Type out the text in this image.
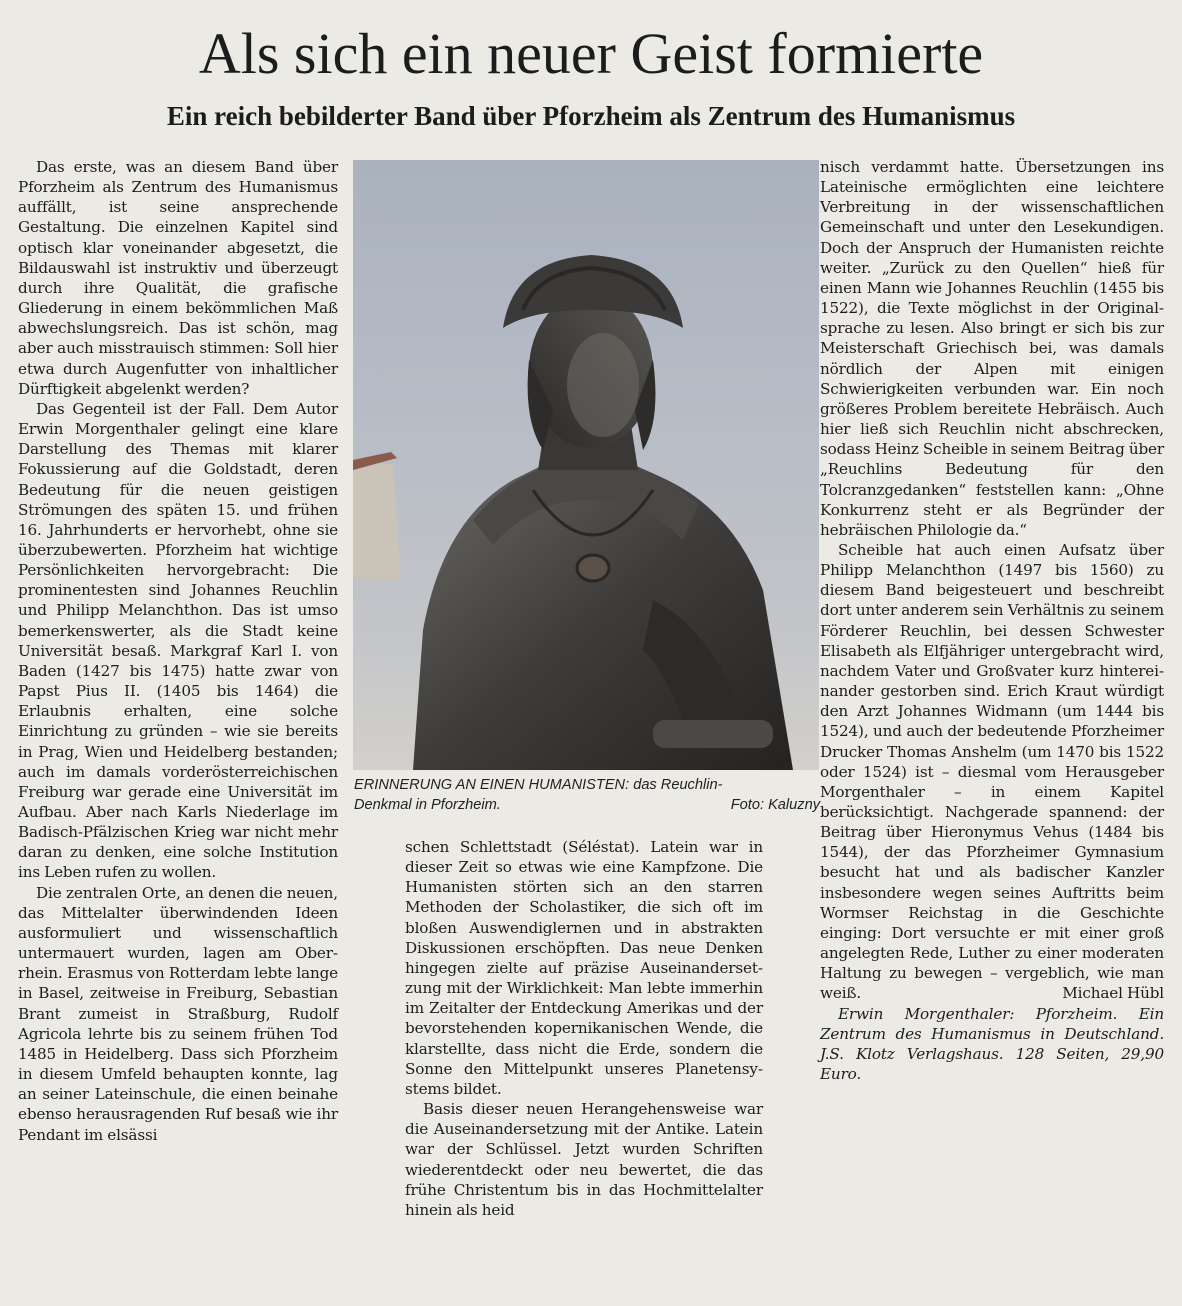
Als sich ein neuer Geist formierte
Ein reich bebilderter Band über Pforzheim als Zentrum des Humanismus

Das erste, was an diesem Band über Pforzheim als Zentrum des Humanismus auffällt, ist seine ansprechende Gestaltung. Die einzelnen Kapitel sind optisch klar voneinander abgesetzt, die Bildauswahl ist instruktiv und überzeugt durch ihre Qualität, die grafische Gliederung in einem bekömmlichen Maß abwechslungsreich. Das ist schön, mag aber auch misstrauisch stimmen: Soll hier etwa durch Augenfutter von inhaltlicher Dürftigkeit abgelenkt werden?

Das Gegenteil ist der Fall. Dem Autor Erwin Morgenthaler gelingt eine klare Darstellung des Themas mit klarer Fokussierung auf die Goldstadt, deren Bedeutung für die neuen geistigen Strömungen des späten 15. und frühen 16. Jahrhunderts er hervorhebt, ohne sie überzubewerten. Pforzheim hat wichtige Persönlichkeiten hervorgebracht: Die prominentesten sind Johannes Reuchlin und Philipp Melanchthon. Das ist umso bemerkenswerter, als die Stadt keine Universität besaß. Markgraf Karl I. von Baden (1427 bis 1475) hatte zwar von Papst Pius II. (1405 bis 1464) die Erlaubnis erhalten, eine solche Einrichtung zu gründen – wie sie bereits in Prag, Wien und Heidelberg bestanden; auch im damals vorderösterreichischen Freiburg war gerade eine Universität im Aufbau. Aber nach Karls Niederlage im Badisch-Pfälzischen Krieg war nicht mehr daran zu denken, eine solche Institution ins Leben rufen zu wollen.

Die zentralen Orte, an denen die neuen, das Mittelalter überwindenden Ideen ausformuliert und wissenschaftlich untermauert wurden, lagen am Oberrhein. Erasmus von Rotterdam lebte lange in Basel, zeitweise in Freiburg, Sebastian Brant zumeist in Straßburg, Rudolf Agricola lehrte bis zu seinem frühen Tod 1485 in Heidelberg. Dass sich Pforzheim in diesem Umfeld behaupten konnte, lag an seiner Lateinschule, die einen beinahe ebenso herausragenden Ruf besaß wie ihr Pendant im elsässi

ERINNERUNG AN EINEN HUMANISTEN: das Reuchlin-
Denkmal in Pforzheim.	Foto: Kaluzny

schen Schlettstadt (Séléstat). Latein war in dieser Zeit so etwas wie eine Kampfzone. Die Humanisten störten sich an den starren Methoden der Scholastiker, die sich oft im bloßen Auswendiglernen und in abstrakten Diskussionen erschöpften. Das neue Denken hingegen zielte auf präzise Auseinandersetzung mit der Wirklichkeit: Man lebte immerhin im Zeitalter der Entdeckung Amerikas und der bevorstehenden kopernikanischen Wende, die klarstellte, dass nicht die Erde, sondern die Sonne den Mittelpunkt unseres Planetensystems bildet.

Basis dieser neuen Herangehensweise war die Auseinandersetzung mit der Antike. Latein war der Schlüssel. Jetzt wurden Schriften wiederentdeckt oder neu bewertet, die das frühe Christentum bis in das Hochmittelalter hinein als heid

nisch verdammt hatte. Übersetzungen ins Lateinische ermöglichten eine leichtere Verbreitung in der wissenschaftlichen Gemeinschaft und unter den Lesekundigen. Doch der Anspruch der Humanisten reichte weiter. „Zurück zu den Quellen“ hieß für einen Mann wie Johannes Reuchlin (1455 bis 1522), die Texte möglichst in der Originalsprache zu lesen. Also bringt er sich bis zur Meisterschaft Griechisch bei, was damals nördlich der Alpen mit einigen Schwierigkeiten verbunden war. Ein noch größeres Problem bereitete Hebräisch. Auch hier ließ sich Reuchlin nicht abschrecken, sodass Heinz Scheible in seinem Beitrag über „Reuchlins Bedeutung für den Tolcranzgedanken“ feststellen kann: „Ohne Konkurrenz steht er als Begründer der hebräischen Philologie da.“

Scheible hat auch einen Aufsatz über Philipp Melanchthon (1497 bis 1560) zu diesem Band beigesteuert und beschreibt dort unter anderem sein Verhältnis zu seinem Förderer Reuchlin, bei dessen Schwester Elisabeth als Elfjähriger untergebracht wird, nachdem Vater und Großvater kurz hintereinander gestorben sind. Erich Kraut würdigt den Arzt Johannes Widmann (um 1444 bis 1524), und auch der bedeutende Pforzheimer Drucker Thomas Anshelm (um 1470 bis 1522 oder 1524) ist – diesmal vom Herausgeber Morgenthaler – in einem Kapitel berücksichtigt. Nachgerade spannend: der Beitrag über Hieronymus Vehus (1484 bis 1544), der das Pforzheimer Gymnasium besucht hat und als badischer Kanzler insbesondere wegen seines Auftritts beim Wormser Reichstag in die Geschichte einging: Dort versuchte er mit einer groß angelegten Rede, Luther zu einer moderaten Haltung zu bewegen – vergeblich, wie man weiß.	Michael Hübl

Erwin Morgenthaler: Pforzheim. Ein Zentrum des Humanismus in Deutschland. J.S. Klotz Verlagshaus. 128 Seiten, 29,90 Euro.
